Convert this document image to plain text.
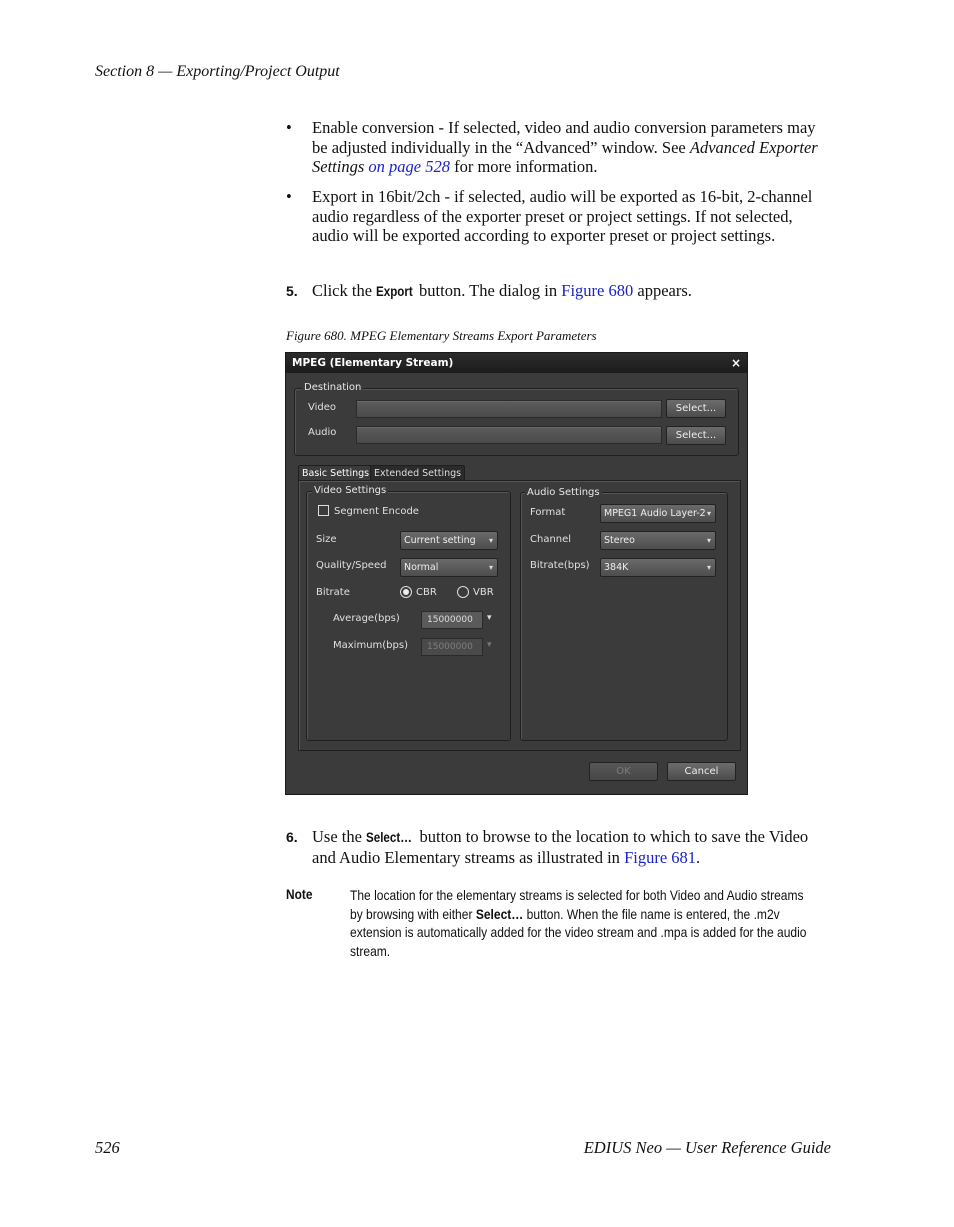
Section 8 — Exporting/Project Output
• Enable conversion - If selected, video and audio conversion parameters may be adjusted individually in the “Advanced” window. See Advanced Exporter Settings on page 528 for more information.
• Export in 16bit/2ch - if selected, audio will be exported as 16-bit, 2-channel audio regardless of the exporter preset or project settings. If not selected, audio will be exported according to exporter preset or project settings.
5. Click the Export button. The dialog in Figure 680 appears.
Figure 680. MPEG Elementary Streams Export Parameters
MPEG (Elementary Stream)	×
Destination
Video	Select...
Audio	Select...
Basic Settings Extended Settings
Video Settings
Segment Encode
Size	Current setting ▾
Quality/Speed	Normal	▾
Bitrate	CBR	VBR
Average(bps)	15000000	▾
Maximum(bps)	15000000	▾
Audio Settings
Format	MPEG1 Audio Layer-2 ▾
Channel	Stereo	▾
Bitrate(bps)	384K	▾
OK	Cancel
6. Use the Select… button to browse to the location to which to save the Video and Audio Elementary streams as illustrated in Figure 681.
Note	The location for the elementary streams is selected for both Video and Audio streams by browsing with either Select… button. When the file name is entered, the .m2v extension is automatically added for the video stream and .mpa is added for the audio stream.
526	EDIUS Neo — User Reference Guide
